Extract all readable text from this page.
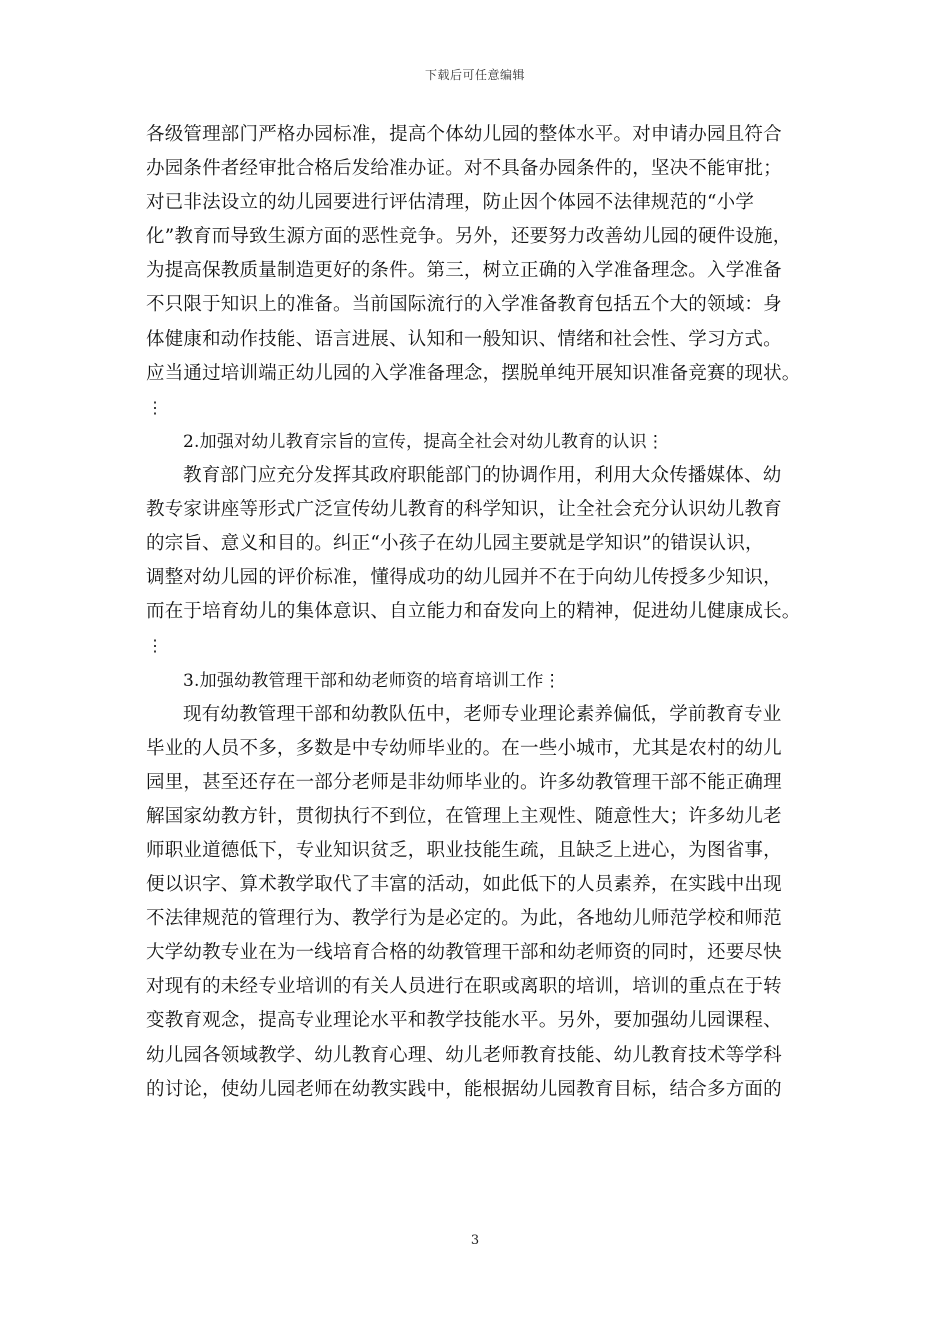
下载后可任意编辑
各级管理部门严格办园标准，提高个体幼儿园的整体水平。对申请办园且符合
办园条件者经审批合格后发给准办证。对不具备办园条件的，坚决不能审批；
对已非法设立的幼儿园要进行评估清理，防止因个体园不法律规范的“小学
化”教育而导致生源方面的恶性竞争。另外，还要努力改善幼儿园的硬件设施，
为提高保教质量制造更好的条件。第三，树立正确的入学准备理念。入学准备
不只限于知识上的准备。当前国际流行的入学准备教育包括五个大的领域：身
体健康和动作技能、语言进展、认知和一般知识、情绪和社会性、学习方式。
应当通过培训端正幼儿园的入学准备理念，摆脱单纯开展知识准备竞赛的现状。
⋮
2.加强对幼儿教育宗旨的宣传，提高全社会对幼儿教育的认识⋮
教育部门应充分发挥其政府职能部门的协调作用，利用大众传播媒体、幼
教专家讲座等形式广泛宣传幼儿教育的科学知识，让全社会充分认识幼儿教育
的宗旨、意义和目的。纠正“小孩子在幼儿园主要就是学知识”的错误认识，
调整对幼儿园的评价标准，懂得成功的幼儿园并不在于向幼儿传授多少知识，
而在于培育幼儿的集体意识、自立能力和奋发向上的精神，促进幼儿健康成长。
⋮
3.加强幼教管理干部和幼老师资的培育培训工作⋮
现有幼教管理干部和幼教队伍中，老师专业理论素养偏低，学前教育专业
毕业的人员不多，多数是中专幼师毕业的。在一些小城市，尤其是农村的幼儿
园里，甚至还存在一部分老师是非幼师毕业的。许多幼教管理干部不能正确理
解国家幼教方针，贯彻执行不到位，在管理上主观性、随意性大；许多幼儿老
师职业道德低下，专业知识贫乏，职业技能生疏，且缺乏上进心，为图省事，
便以识字、算术教学取代了丰富的活动，如此低下的人员素养，在实践中出现
不法律规范的管理行为、教学行为是必定的。为此，各地幼儿师范学校和师范
大学幼教专业在为一线培育合格的幼教管理干部和幼老师资的同时，还要尽快
对现有的未经专业培训的有关人员进行在职或离职的培训，培训的重点在于转
变教育观念，提高专业理论水平和教学技能水平。另外，要加强幼儿园课程、
幼儿园各领域教学、幼儿教育心理、幼儿老师教育技能、幼儿教育技术等学科
的讨论，使幼儿园老师在幼教实践中，能根据幼儿园教育目标，结合多方面的
3
